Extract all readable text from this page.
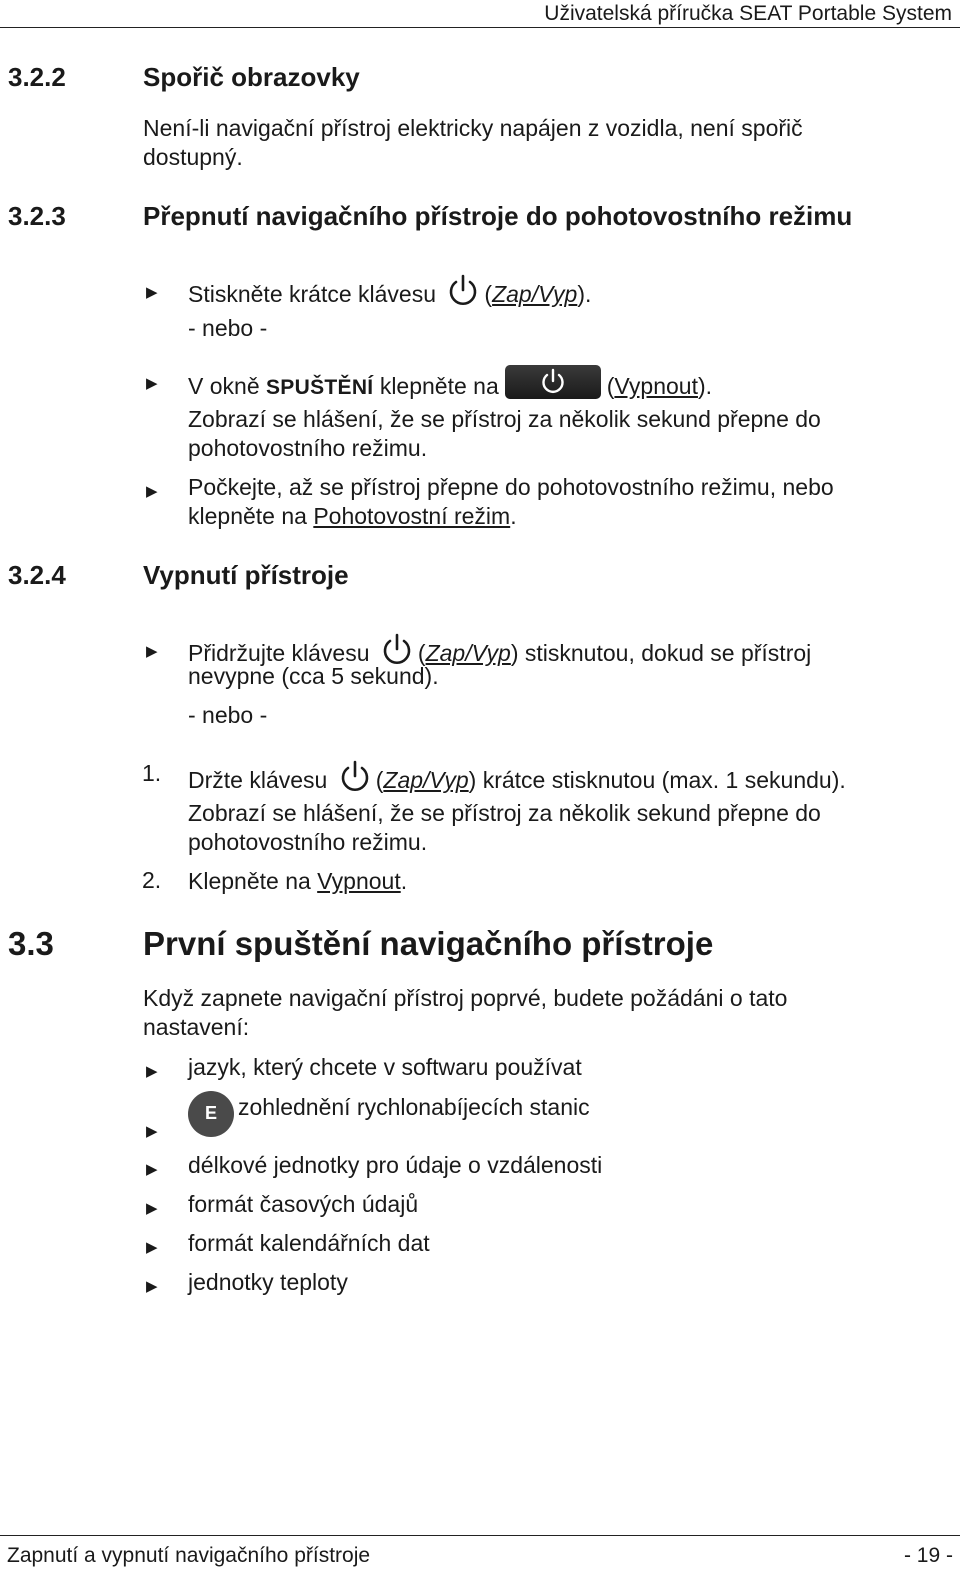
Uživatelská příručka SEAT Portable System
3.2.2	Spořič obrazovky
Není-li navigační přístroj elektricky napájen z vozidla, není spořič
dostupný.
3.2.3	Přepnutí navigačního přístroje do pohotovostního režimu
▶ Stiskněte krátce klávesu (Zap/Vyp).
- nebo -
▶ V okně SPUŠTĚNÍ klepněte na	(Vypnout).
Zobrazí se hlášení, že se přístroj za několik sekund přepne do
pohotovostního režimu.
▶ Počkejte, až se přístroj přepne do pohotovostního režimu, nebo
klepněte na Pohotovostní režim.
3.2.4	Vypnutí přístroje
▶ Přidržujte klávesu (Zap/Vyp) stisknutou, dokud se přístroj
nevypne (cca 5 sekund).
- nebo -
1. Držte klávesu (Zap/Vyp) krátce stisknutou (max. 1 sekundu).
Zobrazí se hlášení, že se přístroj za několik sekund přepne do
pohotovostního režimu.
2. Klepněte na Vypnout.
3.3	První spuštění navigačního přístroje
Když zapnete navigační přístroj poprvé, budete požádáni o tato
nastavení:
▶ jazyk, který chcete v softwaru používat
▶
E zohlednění rychlonabíjecích stanic
▶ délkové jednotky pro údaje o vzdálenosti
▶ formát časových údajů
▶ formát kalendářních dat
▶ jednotky teploty
Zapnutí a vypnutí navigačního přístroje	- 19 -
